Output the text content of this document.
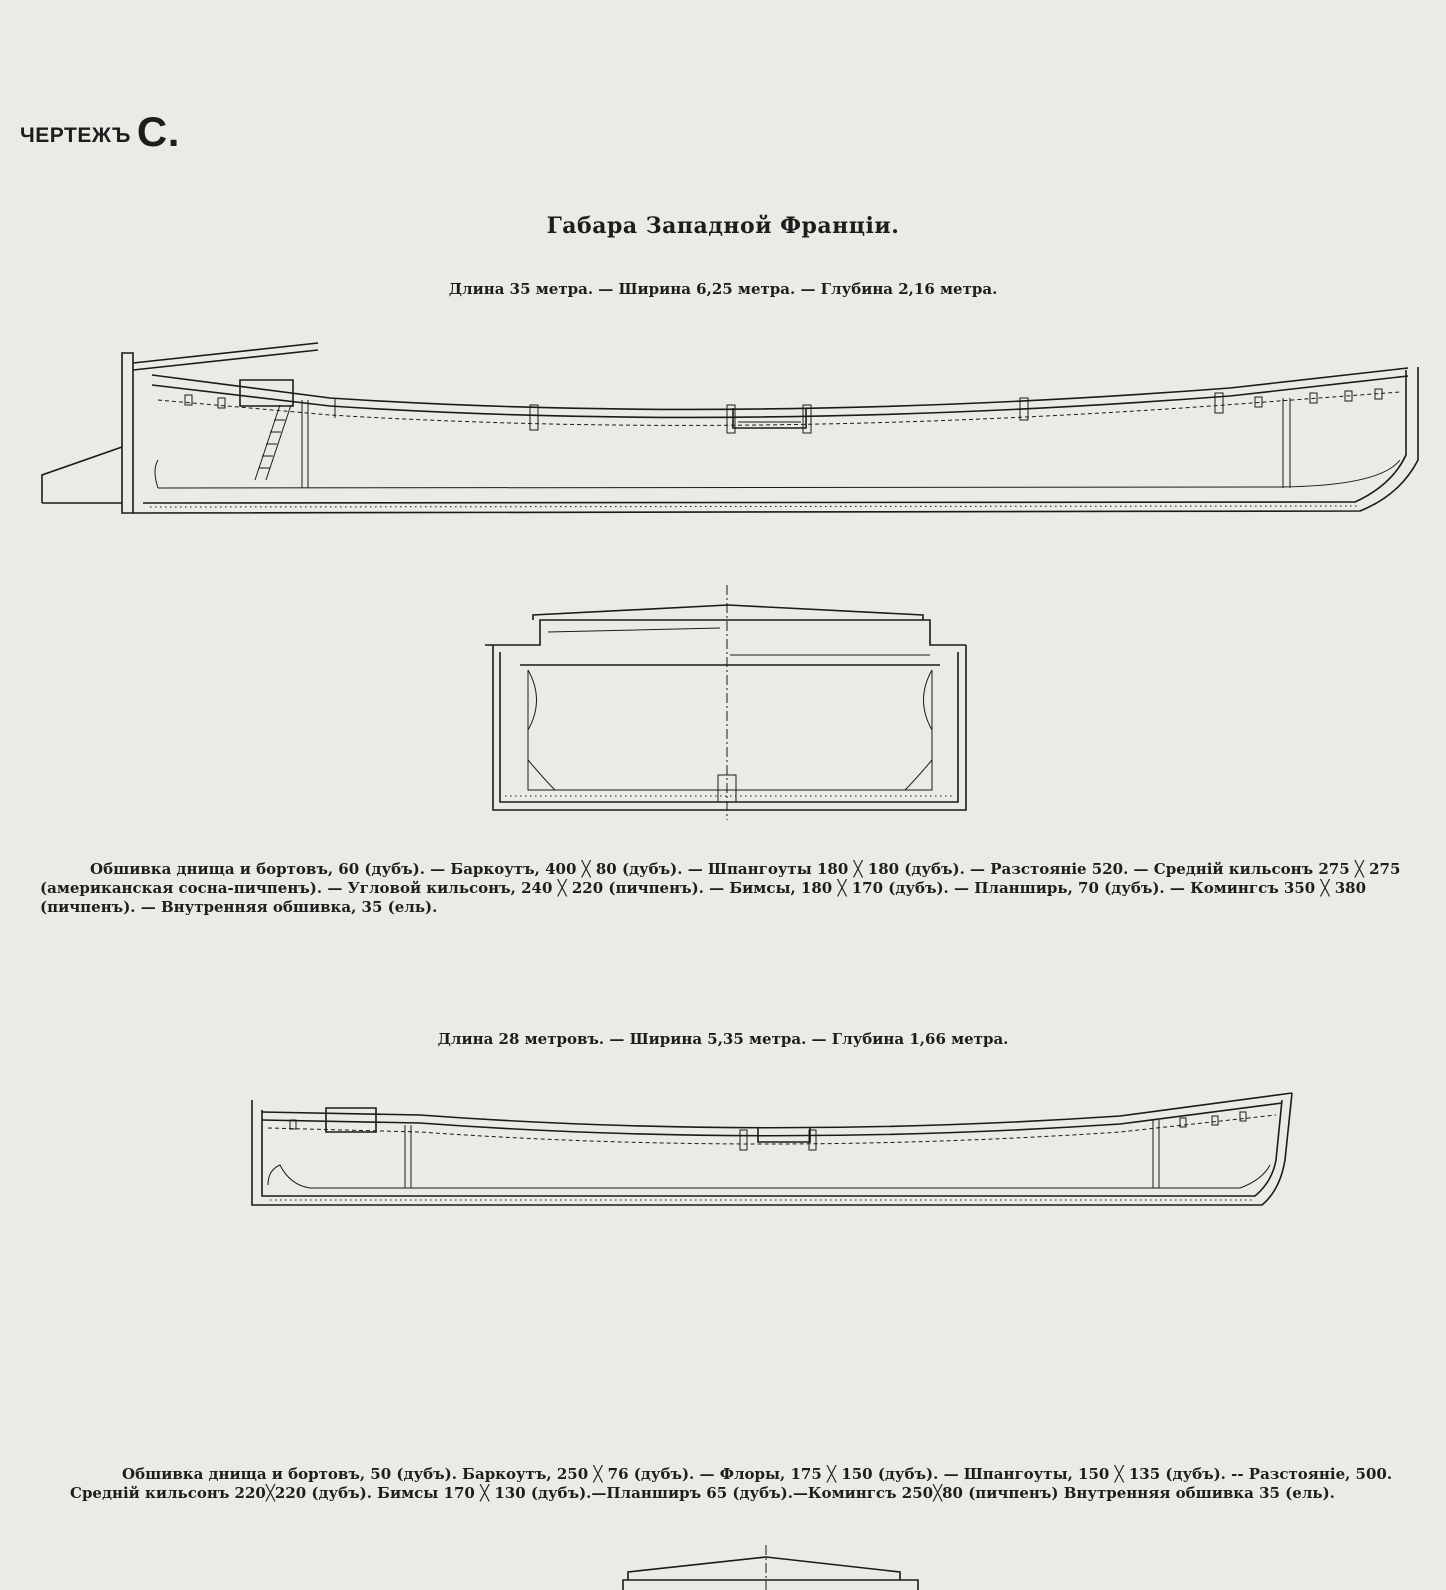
ЧЕРТЕЖЪ С.
Габара Западной Франціи.
Длина 35 метра. — Ширина 6,25 метра. — Глубина 2,16 метра.
Обшивка днища и бортовъ, 60 (дубъ). — Баркоутъ, 400 ╳ 80 (дубъ). — Шпангоуты 180 ╳ 180 (дубъ). — Разстояніе 520. — Средній кильсонъ 275 ╳ 275
(американская сосна-пичпенъ). — Угловой кильсонъ, 240 ╳ 220 (пичпенъ). — Бимсы, 180 ╳ 170 (дубъ). — Планширь, 70 (дубъ). — Комингсъ 350 ╳ 380
(пичпенъ). — Внутренняя обшивка, 35 (ель).
Длина 28 метровъ. — Ширина 5,35 метра. — Глубина 1,66 метра.
Обшивка днища и бортовъ, 50 (дубъ). Баркоутъ, 250 ╳ 76 (дубъ). — Флоры, 175 ╳ 150 (дубъ). — Шпангоуты, 150 ╳ 135 (дубъ). -- Разстояніе, 500.
Средній кильсонъ 220╳220 (дубъ). Бимсы 170 ╳ 130 (дубъ).—Планширъ 65 (дубъ).—Комингсъ 250╳80 (пичпенъ) Внутренняя обшивка 35 (ель).
